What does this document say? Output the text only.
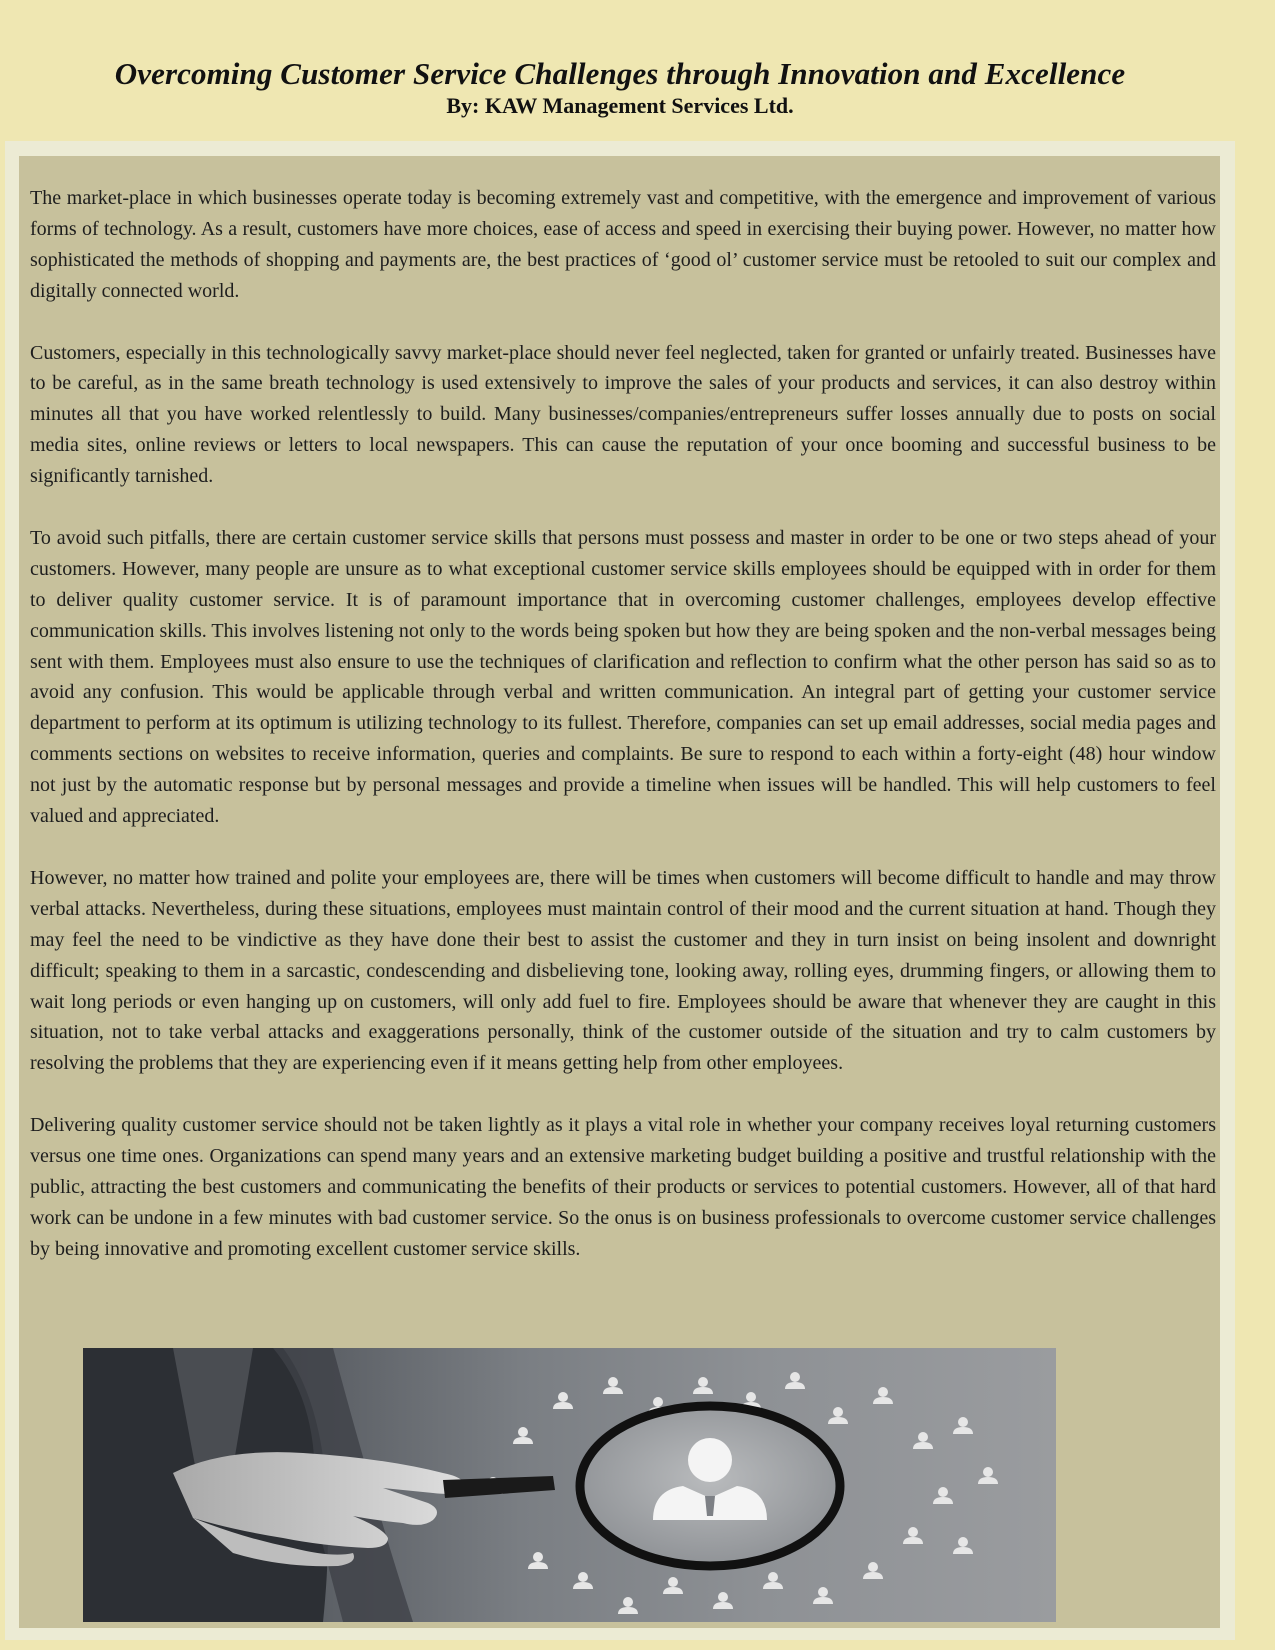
Overcoming Customer Service Challenges through Innovation and Excellence
By: KAW Management Services Ltd.

The market-place in which businesses operate today is becoming extremely vast and competitive, with the emergence and improvement of various forms of technology. As a result, customers have more choices, ease of access and speed in exercising their buying power. However, no matter how sophisticated the methods of shopping and payments are, the best practices of ‘good ol’ customer service must be retooled to suit our complex and digitally connected world.

Customers, especially in this technologically savvy market-place should never feel neglected, taken for granted or unfairly treated. Businesses have to be careful, as in the same breath technology is used extensively to improve the sales of your products and services, it can also destroy within minutes all that you have worked relentlessly to build. Many businesses/companies/entrepreneurs suffer losses annually due to posts on social media sites, online reviews or letters to local newspapers. This can cause the reputation of your once booming and successful business to be significantly tarnished.

To avoid such pitfalls, there are certain customer service skills that persons must possess and master in order to be one or two steps ahead of your customers. However, many people are unsure as to what exceptional customer service skills employees should be equipped with in order for them to deliver quality customer service. It is of paramount importance that in overcoming customer challenges, employees develop effective communication skills. This involves listening not only to the words being spoken but how they are being spoken and the non-verbal messages being sent with them. Employees must also ensure to use the techniques of clarification and reflection to confirm what the other person has said so as to avoid any confusion. This would be applicable through verbal and written communication. An integral part of getting your customer service department to perform at its optimum is utilizing technology to its fullest. Therefore, companies can set up email addresses, social media pages and comments sections on websites to receive information, queries and complaints. Be sure to respond to each within a forty-eight (48) hour window not just by the automatic response but by personal messages and provide a timeline when issues will be handled. This will help customers to feel valued and appreciated.

However, no matter how trained and polite your employees are, there will be times when customers will become difficult to handle and may throw verbal attacks. Nevertheless, during these situations, employees must maintain control of their mood and the current situation at hand. Though they may feel the need to be vindictive as they have done their best to assist the customer and they in turn insist on being insolent and downright difficult; speaking to them in a sarcastic, condescending and disbelieving tone, looking away, rolling eyes, drumming fingers, or allowing them to wait long periods or even hanging up on customers, will only add fuel to fire. Employees should be aware that whenever they are caught in this situation, not to take verbal attacks and exaggerations personally, think of the customer outside of the situation and try to calm customers by resolving the problems that they are experiencing even if it means getting help from other employees.

Delivering quality customer service should not be taken lightly as it plays a vital role in whether your company receives loyal returning customers versus one time ones. Organizations can spend many years and an extensive marketing budget building a positive and trustful relationship with the public, attracting the best customers and communicating the benefits of their products or services to potential customers. However, all of that hard work can be undone in a few minutes with bad customer service. So the onus is on business professionals to overcome customer service challenges by being innovative and promoting excellent customer service skills.
